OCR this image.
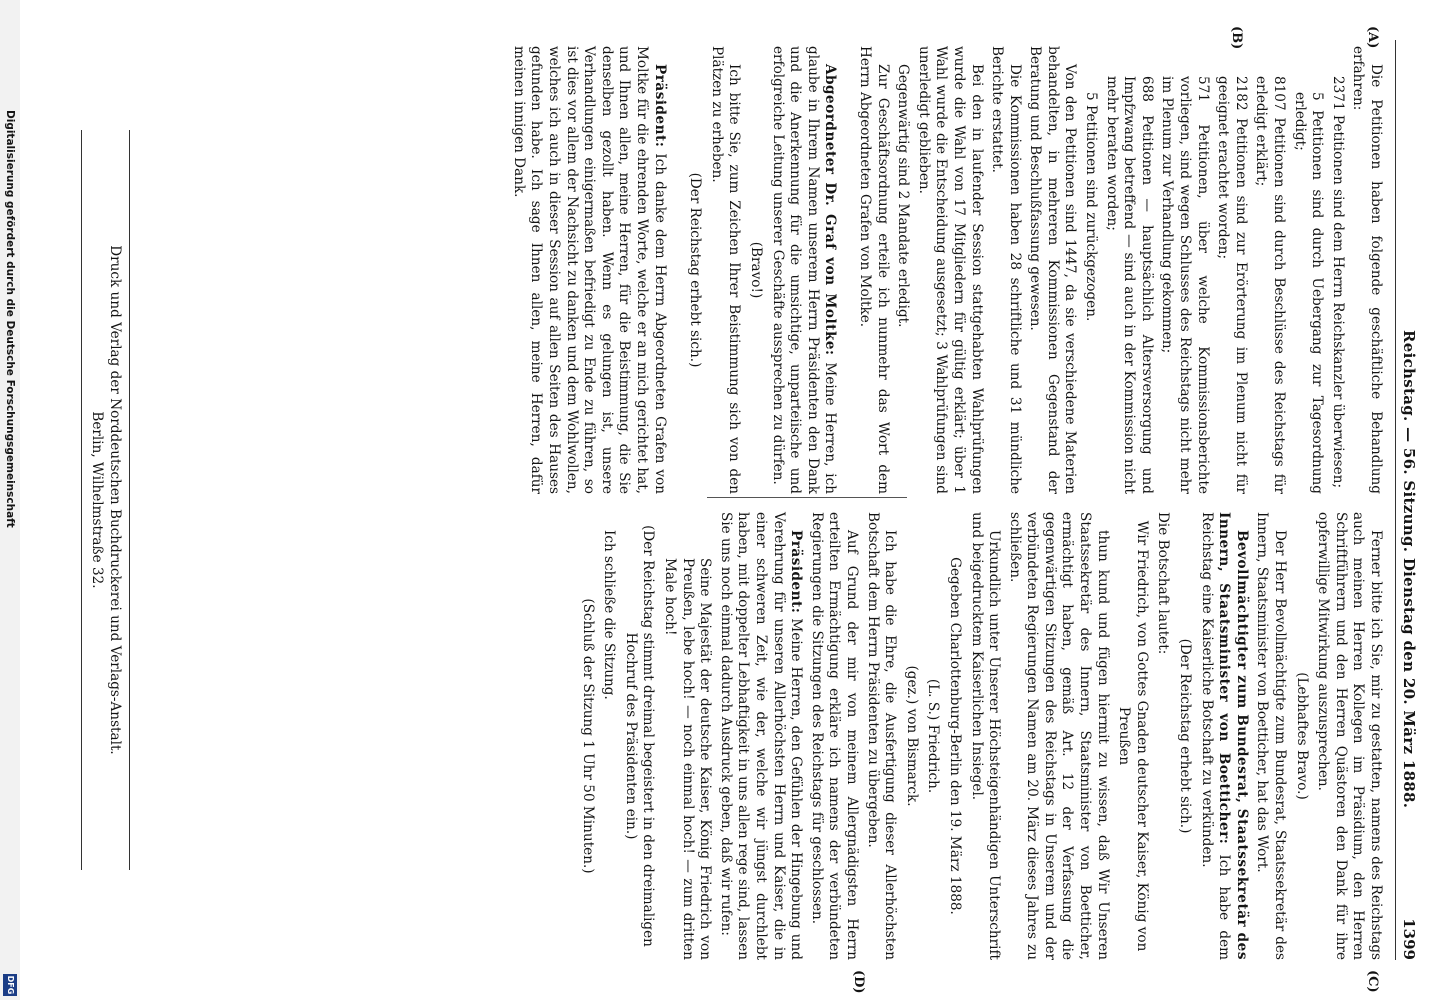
Reichstag. — 56. Sitzung. Dienstag den 20. März 1888.
1399
(A)
(B)
(C)
(D)

Die Petitionen haben folgende geschäftliche Behandlung erfahren:

2371 Petitionen sind dem Herrn Reichskanzler überwiesen;

5 Petitionen sind durch Uebergang zur Tagesordnung erledigt;

8107 Petitionen sind durch Beschlüsse des Reichstags für erledigt erklärt;

2182 Petitionen sind zur Erörterung im Plenum nicht für geeignet erachtet worden;

571 Petitionen, über welche Kommissionsberichte vorliegen, sind wegen Schlusses des Reichstags nicht mehr im Plenum zur Verhandlung gekommen;

688 Petitionen — hauptsächlich Altersversorgung und Impfzwang betreffend — sind auch in der Kommission nicht mehr beraten worden;

5 Petitionen sind zurückgezogen.

Von den Petitionen sind 1447, da sie verschiedene Materien behandelten, in mehreren Kommissionen Gegenstand der Beratung und Beschlußfassung gewesen.

Die Kommissionen haben 28 schriftliche und 31 mündliche Berichte erstattet.

Bei den in laufender Session stattgehabten Wahlprüfungen wurde die Wahl von 17 Mitgliedern für gültig erklärt; über 1 Wahl wurde die Entscheidung ausgesetzt; 3 Wahlprüfungen sind unerledigt geblieben.

Gegenwärtig sind 2 Mandate erledigt.

Zur Geschäftsordnung erteile ich nunmehr das Wort dem Herrn Abgeordneten Grafen von Moltke.

Abgeordneter Dr. Graf von Moltke: Meine Herren, ich glaube in Ihrem Namen unserem Herrn Präsidenten den Dank und die Anerkennung für die umsichtige, unparteiische und erfolgreiche Leitung unserer Geschäfte aussprechen zu dürfen.

(Bravo!)

Ich bitte Sie, zum Zeichen Ihrer Beistimmung sich von den Plätzen zu erheben.

(Der Reichstag erhebt sich.)

Präsident: Ich danke dem Herrn Abgeordneten Grafen von Moltke für die ehrenden Worte, welche er an mich gerichtet hat, und Ihnen allen, meine Herren, für die Beistimmung, die Sie denselben gezollt haben. Wenn es gelungen ist, unsere Verhandlungen einigermaßen befriedigt zu Ende zu führen, so ist dies vor allem der Nachsicht zu danken und dem Wohlwollen, welches ich auch in dieser Session auf allen Seiten des Hauses gefunden habe. Ich sage Ihnen allen, meine Herren, dafür meinen innigen Dank.

Ferner bitte ich Sie, mir zu gestatten, namens des Reichstags auch meinen Herren Kollegen im Präsidium, den Herren Schriftführern und den Herren Quästoren den Dank für ihre opferwillige Mitwirkung auszusprechen.

(Lebhaftes Bravo.)

Der Herr Bevollmächtigte zum Bundesrat, Staatssekretär des Innern, Staatsminister von Boetticher, hat das Wort.

Bevollmächtigter zum Bundesrat, Staatssekretär des Innern, Staatsminister von Boetticher: Ich habe dem Reichstag eine Kaiserliche Botschaft zu verkünden.

(Der Reichstag erhebt sich.)

Die Botschaft lautet:

Wir Friedrich, von Gottes Gnaden deutscher Kaiser, König von Preußen

thun kund und fügen hiermit zu wissen, daß Wir Unseren Staatssekretär des Innern, Staatsminister von Boetticher, ermächtigt haben, gemäß Art. 12 der Verfassung die gegenwärtigen Sitzungen des Reichstags in Unserem und der verbündeten Regierungen Namen am 20. März dieses Jahres zu schließen.

Urkundlich unter Unserer Höchsteigenhändigen Unterschrift und beigedrucktem Kaiserlichen Insiegel.

Gegeben Charlottenburg-Berlin den 19. März 1888.

(L. S.) Friedrich.

(gez.) von Bismarck.

Ich habe die Ehre, die Ausfertigung dieser Allerhöchsten Botschaft dem Herrn Präsidenten zu übergeben.

Auf Grund der mir von meinem Allergnädigsten Herrn erteilten Ermächtigung erkläre ich namens der verbündeten Regierungen die Sitzungen des Reichstags für geschlossen.

Präsident: Meine Herren, den Gefühlen der Hingebung und Verehrung für unseren Allerhöchsten Herrn und Kaiser, die in einer schweren Zeit, wie der, welche wir jüngst durchlebt haben, mit doppelter Lebhaftigkeit in uns allen rege sind, lassen Sie uns noch einmal dadurch Ausdruck geben, daß wir rufen:

Seine Majestät der deutsche Kaiser, König Friedrich von Preußen, lebe hoch! — noch einmal hoch! — zum dritten Male hoch!

(Der Reichstag stimmt dreimal begeistert in den dreimaligen Hochruf des Präsidenten ein.)

Ich schließe die Sitzung.

(Schluß der Sitzung 1 Uhr 50 Minuten.)

Druck und Verlag der Norddeutschen Buchdruckerei und Verlags-Anstalt.
Berlin, Wilhelmstraße 32.
Digitalisierung gefördert durch die Deutsche Forschungsgemeinschaft
DFG
